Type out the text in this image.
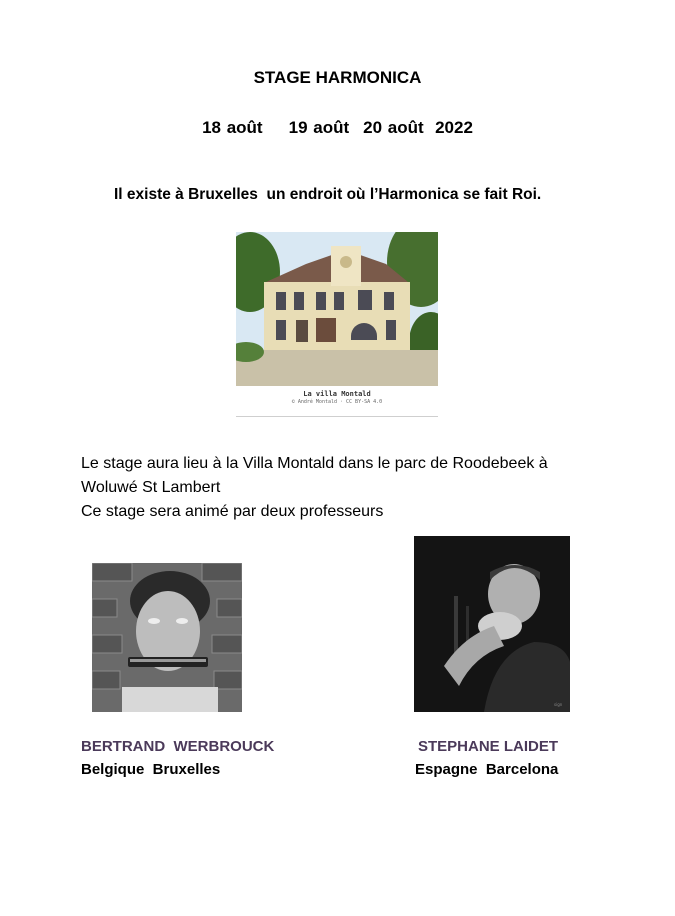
STAGE HARMONICA
18 août 19 août 20 août  2022
Il existe à Bruxelles  un endroit où l’Harmonica se fait Roi.
La villa Montald
© André Montald · CC BY-SA 4.0
Le stage aura lieu à la Villa Montald dans le parc de Roodebeek à
Woluwé St Lambert
Ce stage sera animé par deux professeurs
sign
BERTRAND  WERBROUCK
Belgique  Bruxelles
STEPHANE LAIDET
Espagne  Barcelona
